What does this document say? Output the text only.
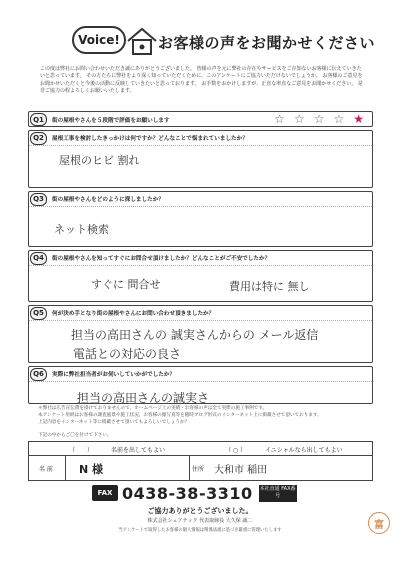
Voice!	お客様の声をお聞かせください
この度は弊社にお問い合わせいただき誠にありがとうございました。 皆様の声を元に弊社の存在やサービスをご存知ないお客様に伝えていきたいと思っています。 その方たちに弊社をより深く知っていただくために、このアンケートにご協力いただけないでしょうか。 お客様のご意見をお聞かせいただくと今後の活動に反映していきたいと思っております。 お手数をおかけしますが、正直な率直なご意見をお聞かせください。 是非ご協力の程よろしくお願いいたします。
Q1	街の屋根やさんを５段階で評価をお願いします	☆ ☆ ☆ ☆ ★
Q2	屋根工事を検討したきっかけは何ですか？どんなことで悩まれていましたか？
屋根のヒビ 割れ
Q3	街の屋根やさんをどのように探しましたか？
ネット検索
Q4	街の屋根やさんを知ってすぐにお問合せ頂けましたか？どんなことがご不安でしたか？
すぐに 問合せ	費用は特に 無し
Q5	何が決め手となり街の屋根やさんにお問い合わせ頂きましたか？
担当の高田さんの 誠実さんからの メール返信
電話との対応の良さ
Q6	実際に弊社担当者がお伺いしていかがでしたか？
担当の高田さんの誠実さ
＊弊社は広告宣伝費を掛けておりませんので、ホームページ上の実績・お客様の声は全て実際の施工事例です。
本アンケート用紙はお客様の調査風景や施工状況、お客様の顔写真等を随時ブログ形式のインターネット上に掲載させて頂いております。
上記内容をインターネット等に掲載させて頂いてもよろしいでしょうか？
下記の中からご〇を付けて下さい。
（　　）	名前を出してもよい	（ ○ ）	イニシャルなら出してもよい
名 前 N 様	住所 大和市 稲田
FAX 0438-38-3310 本社直通 FAX番号
ご協力ありがとうございました。
株式会社シェアテック 代表取締役 大久保 誠二
当アンケートで取得したお客様の個人情報は関係法規に基づき厳重に管理いたします	富
